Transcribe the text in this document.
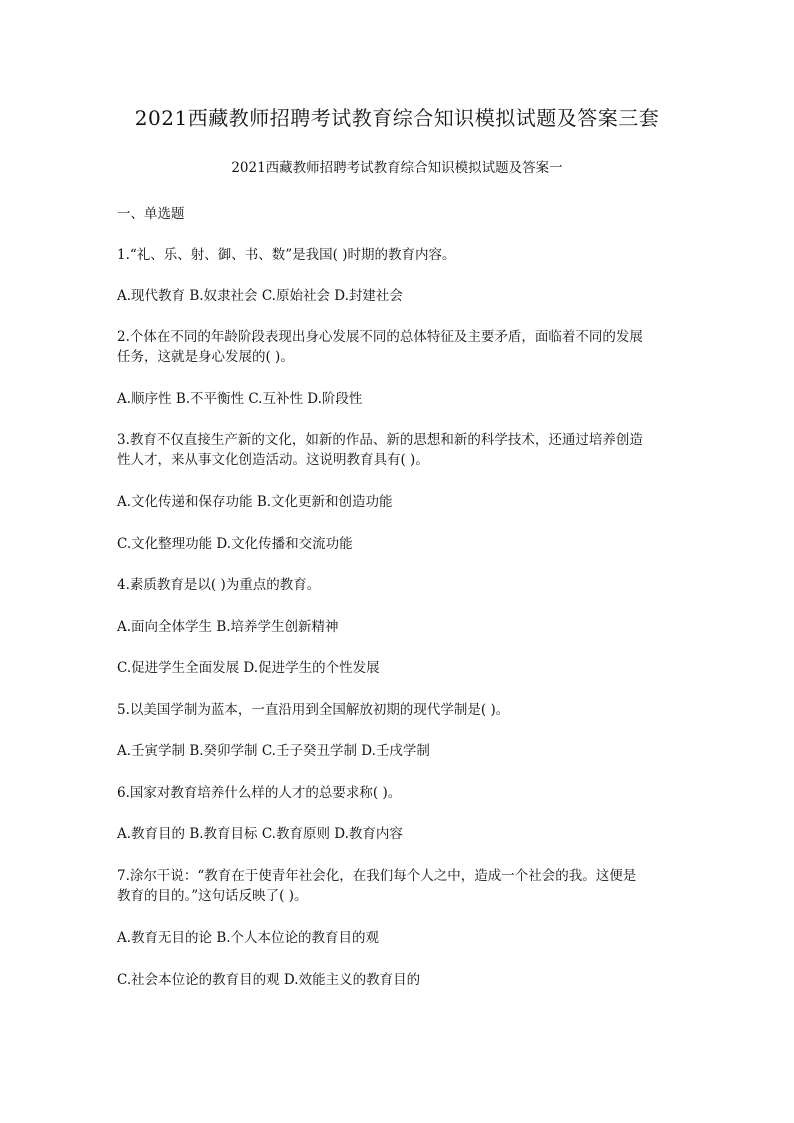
2021西藏教师招聘考试教育综合知识模拟试题及答案三套
2021西藏教师招聘考试教育综合知识模拟试题及答案一

一、单选题

1.“礼、乐、射、御、书、数”是我国( )时期的教育内容。

A.现代教育 B.奴隶社会 C.原始社会 D.封建社会

2.个体在不同的年龄阶段表现出身心发展不同的总体特征及主要矛盾，面临着不同的发展
任务，这就是身心发展的( )。

A.顺序性 B.不平衡性 C.互补性 D.阶段性

3.教育不仅直接生产新的文化，如新的作品、新的思想和新的科学技术，还通过培养创造
性人才，来从事文化创造活动。这说明教育具有( )。

A.文化传递和保存功能 B.文化更新和创造功能

C.文化整理功能 D.文化传播和交流功能

4.素质教育是以( )为重点的教育。

A.面向全体学生 B.培养学生创新精神

C.促进学生全面发展 D.促进学生的个性发展

5.以美国学制为蓝本，一直沿用到全国解放初期的现代学制是( )。

A.壬寅学制 B.癸卯学制 C.壬子癸丑学制 D.壬戌学制

6.国家对教育培养什么样的人才的总要求称( )。

A.教育目的 B.教育目标 C.教育原则 D.教育内容

7.涂尔干说：“教育在于使青年社会化，在我们每个人之中，造成一个社会的我。这便是
教育的目的。”这句话反映了( )。

A.教育无目的论 B.个人本位论的教育目的观

C.社会本位论的教育目的观 D.效能主义的教育目的
